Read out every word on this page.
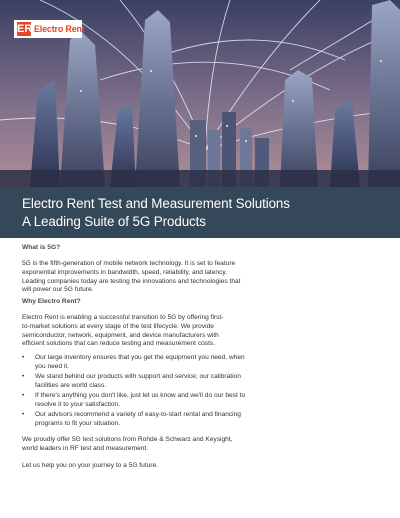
ER Electro Rent
Electro Rent Test and Measurement Solutions
A Leading Suite of 5G Products
What is 5G?
5G is the fifth-generation of mobile network technology. It is set to feature
exponential improvements in bandwidth, speed, reliability, and latency.
Leading companies today are testing the innovations and technologies that
will power our 5G future.
Why Electro Rent?
Electro Rent is enabling a successful transition to 5G by offering first-
to-market solutions at every stage of the test lifecycle. We provide
semiconductor, network, equipment, and device manufacturers with
efficient solutions that can reduce testing and measurement costs.
• Our large inventory ensures that you get the equipment you need, when
you need it.
• We stand behind our products with support and service; our calibration
facilities are world class.
• If there's anything you don't like, just let us know and we'll do our best to
resolve it to your satisfaction.
• Our advisors recommend a variety of easy-to-start rental and financing
programs to fit your situation.
We proudly offer 5G test solutions from Rohde & Schwarz and Keysight,
world leaders in RF test and measurement.
Let us help you on your journey to a 5G future.
